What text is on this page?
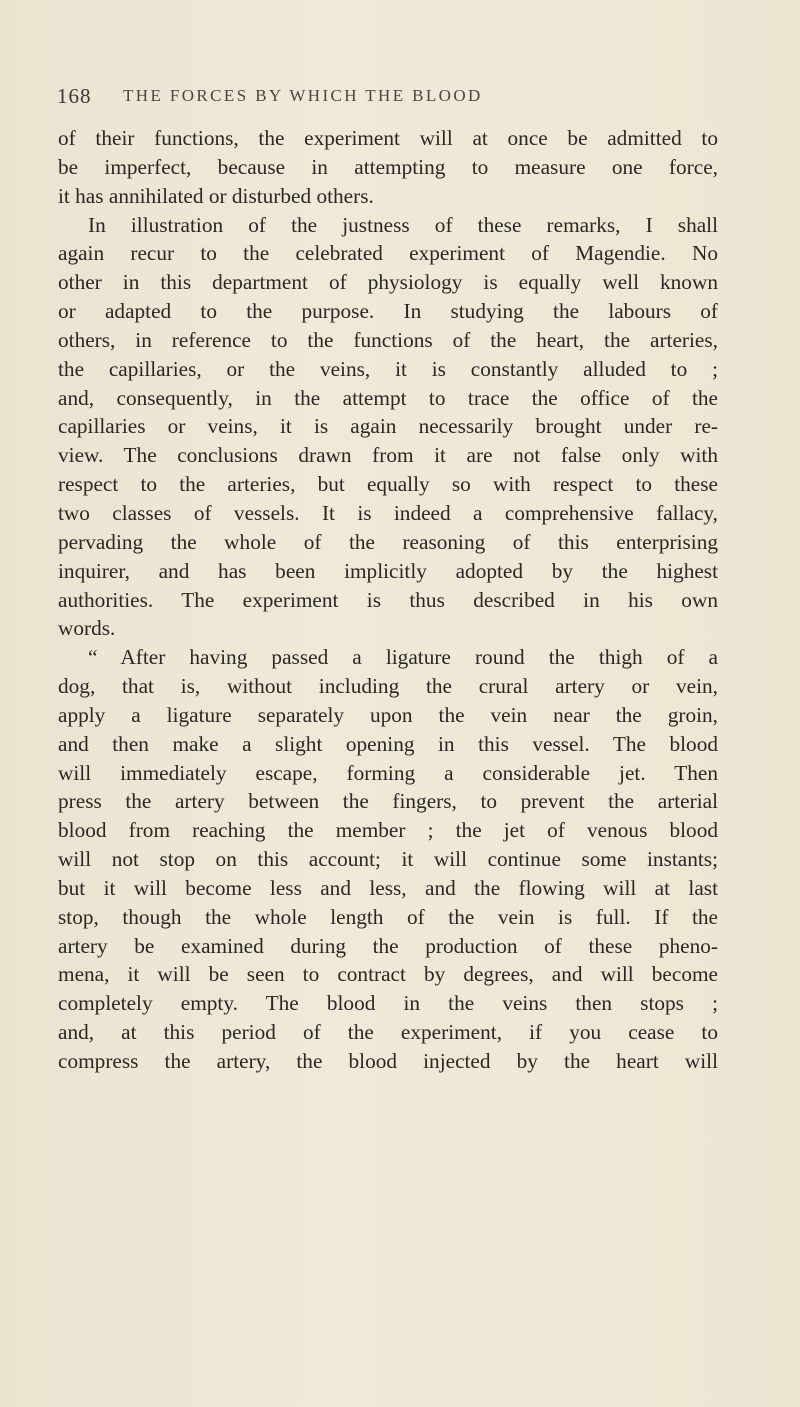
168 THE FORCES BY WHICH THE BLOOD
of their functions, the experiment will at once be admitted to
be imperfect, because in attempting to measure one force,
it has annihilated or disturbed others.
In illustration of the justness of these remarks, I shall
again recur to the celebrated experiment of Magendie. No
other in this department of physiology is equally well known
or adapted to the purpose. In studying the labours of
others, in reference to the functions of the heart, the arteries,
the capillaries, or the veins, it is constantly alluded to ;
and, consequently, in the attempt to trace the office of the
capillaries or veins, it is again necessarily brought under re-
view. The conclusions drawn from it are not false only with
respect to the arteries, but equally so with respect to these
two classes of vessels. It is indeed a comprehensive fallacy,
pervading the whole of the reasoning of this enterprising
inquirer, and has been implicitly adopted by the highest
authorities. The experiment is thus described in his own
words.
“ After having passed a ligature round the thigh of a
dog, that is, without including the crural artery or vein,
apply a ligature separately upon the vein near the groin,
and then make a slight opening in this vessel. The blood
will immediately escape, forming a considerable jet. Then
press the artery between the fingers, to prevent the arterial
blood from reaching the member ; the jet of venous blood
will not stop on this account; it will continue some instants;
but it will become less and less, and the flowing will at last
stop, though the whole length of the vein is full. If the
artery be examined during the production of these pheno-
mena, it will be seen to contract by degrees, and will become
completely empty. The blood in the veins then stops ;
and, at this period of the experiment, if you cease to
compress the artery, the blood injected by the heart will
